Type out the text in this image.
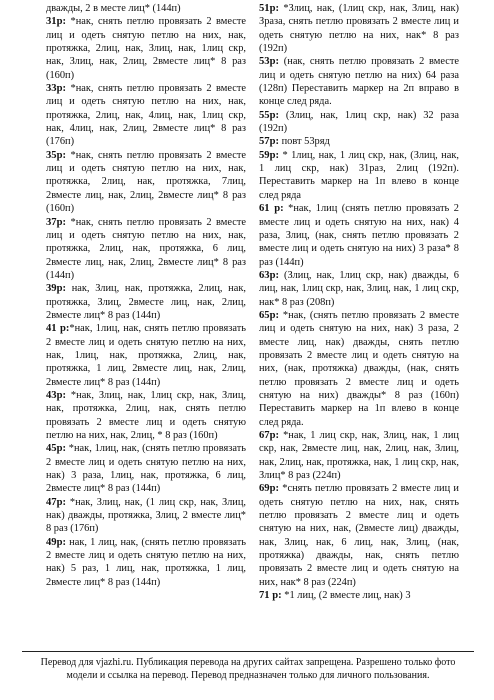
дважды, 2 в месте лиц* (144п)

31р: *нак, снять петлю провязать 2 вместе лиц и одеть снятую петлю на них, нак, протяжка, 2лиц, нак, Злиц, нак, 1лиц скр, нак, Злиц, нак, 2лиц, 2вместе лиц* 8 раз (160п)

33р: *нак, снять петлю провязать 2 вместе лиц и одеть снятую петлю на них, нак, протяжка, 2лиц, нак, 4лиц, нак, 1лиц скр, нак, 4лиц, нак, 2лиц, 2вместе лиц* 8 раз (176п)

35р: *нак, снять петлю провязать 2 вместе лиц и одеть снятую петлю на них, нак, протяжка, 2лиц, нак, протяжка, 7лиц, 2вместе лиц, нак, 2лиц, 2вместе лиц* 8 раз (160п)

37р: *нак, снять петлю провязать 2 вместе лиц и одеть снятую петлю на них, нак, протяжка, 2лиц, нак, протяжка, 6 лиц, 2вместе лиц, нак, 2лиц, 2вместе лиц* 8 раз (144п)

39р: нак, Злиц, нак, протяжка, 2лиц, нак, протяжка, Злиц, 2вместе лиц, нак, 2лиц, 2вместе лиц* 8 раз (144п)

41 р:*нак, 1лиц, нак, снять петлю провязать 2 вместе лиц и одеть снятую петлю на них, нак, 1лиц, нак, протяжка, 2лиц, нак, протяжка, 1 лиц, 2вместе лиц, нак, 2лиц, 2вместе лиц* 8 раз (144п)

43р: *нак, Злиц, нак, 1лиц скр, нак, Злиц, нак, протяжка, 2лиц, нак, снять петлю провязать 2 вместе лиц и одеть снятую петлю на них, нак, 2лиц, * 8 раз (160п)

45р: *нак, 1лиц, нак, (снять петлю провязать 2 вместе лиц и одеть снятую петлю на них, нак) 3 раза, 1лиц, нак, протяжка, 6 лиц, 2вместе лиц* 8 раз (144п)

47р: *нак, Злиц, нак, (1 лиц скр, нак, Злиц, нак) дважды, протяжка, Злиц, 2 вместе лиц* 8 раз (176п)

49р: нак, 1 лиц, нак, (снять петлю провязать 2 вместе лиц и одеть снятую петлю на них, нак) 5 раз, 1 лиц, нак, протяжка, 1 лиц, 2вместе лиц* 8 раз (144п)

51р: *Злиц, нак, (1лиц скр, нак, Злиц, нак) Зраза, снять петлю провязать 2 вместе лиц и одеть снятую петлю на них, нак* 8 раз (192п)

53р: (нак, снять петлю провязать 2 вместе лиц и одеть снятую петлю на них) 64 раза (128п) Переставить маркер на 2п вправо в конце след ряда.

55р: (Злиц, нак, 1лиц скр, нак) 32 раза (192п)

57р: повт 53ряд

59р: * 1лиц, нак, 1 лиц скр, нак, (Злиц, нак, 1 лиц скр, нак) 31раз, 2лиц (192п). Переставить маркер на 1п влево в конце след ряда

61 р: *нак, 1лиц (снять петлю провязать 2 вместе лиц и одеть снятую на них, нак) 4 раза, Злиц, (нак, снять петлю провязать 2 вместе лиц и одеть снятую на них) 3 раза* 8 раз (144п)

63р: (Злиц, нак, 1лиц скр, нак) дважды, 6 лиц, нак, 1лиц скр, нак, Злиц, нак, 1 лиц скр, нак* 8 раз (208п)

65р: *нак, (снять петлю провязать 2 вместе лиц и одеть снятую на них, нак) 3 раза, 2 вместе лиц, нак) дважды, снять петлю провязать 2 вместе лиц и одеть снятую на них, (нак, протяжка) дважды, (нак, снять петлю провязать 2 вместе лиц и одеть снятую на них) дважды* 8 раз (160п) Переставить маркер на 1п влево в конце след ряда.

67р: *нак, 1 лиц скр, нак, Злиц, нак, 1 лиц скр, нак, 2вместе лиц, нак, 2лиц, нак, Злиц, нак, 2лиц, нак, протяжка, нак, 1 лиц скр, нак, Злиц* 8 раз (224п)

69р: *снять петлю провязать 2 вместе лиц и одеть снятую петлю на них, нак, снять петлю провязать 2 вместе лиц и одеть снятую на них, нак, (2вместе лиц) дважды, нак, Злиц, нак, 6 лиц, нак, Злиц, (нак, протяжка) дважды, нак, снять петлю провязать 2 вместе лиц и одеть снятую на них, нак* 8 раз (224п)

71 р: *1 лиц, (2 вместе лиц, нак) 3

Перевод для vjazhi.ru. Публикация перевода на других сайтах запрещена. Разрешено только фото модели и ссылка на перевод. Перевод предназначен только для личного пользования.
